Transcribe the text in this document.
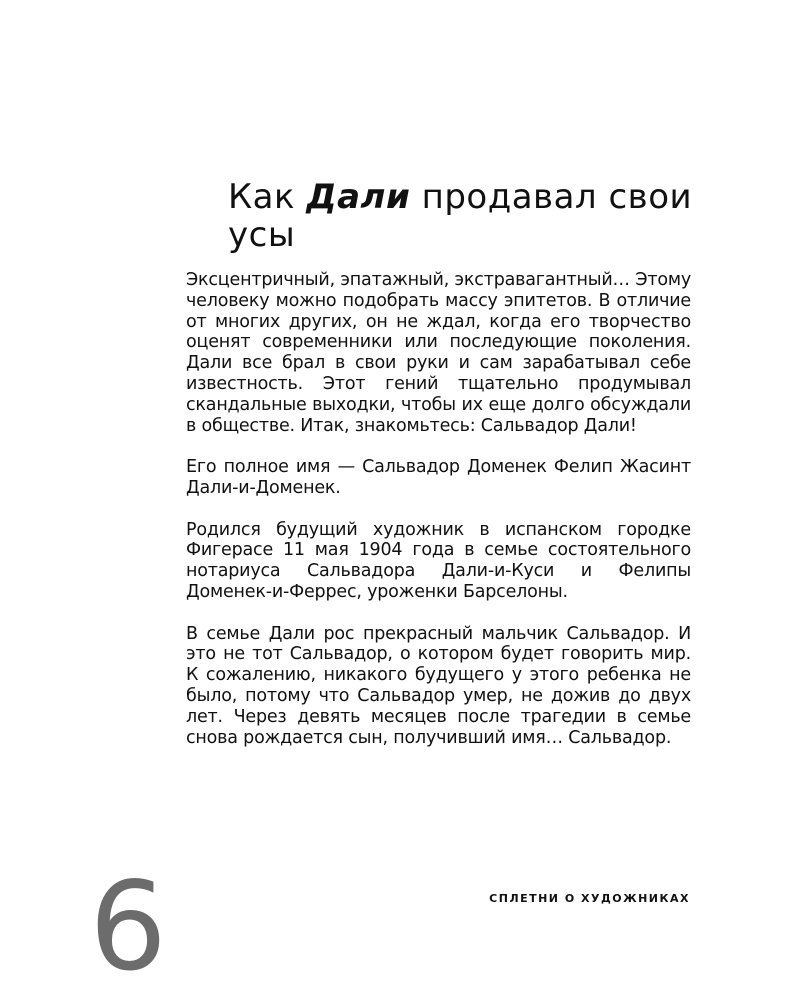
Как Дали продавал свои усы

Эксцентричный, эпатажный, экстравагантный… Этому человеку можно подобрать массу эпитетов. В отличие от многих других, он не ждал, когда его творчество оценят современники или последующие поколения. Дали все брал в свои руки и сам зарабатывал себе известность. Этот гений тщательно продумывал скандальные выходки, чтобы их еще долго обсуждали в обществе. Итак, знакомьтесь: Сальвадор Дали!

Его полное имя — Сальвадор Доменек Фелип Жасинт Дали-и-Доменек.

Родился будущий художник в испанском городке Фигерасе 11 мая 1904 года в семье состоятельного нотариуса Сальвадора Дали-и-Куси и Фелипы Доменек-и-Феррес, уроженки Барселоны.

В семье Дали рос прекрасный мальчик Сальвадор. И это не тот Сальвадор, о котором будет говорить мир. К сожалению, никакого будущего у этого ребенка не было, потому что Сальвадор умер, не дожив до двух лет. Через девять месяцев после трагедии в семье снова рождается сын, получивший имя… Сальвадор.

СПЛЕТНИ О ХУДОЖНИКАХ
6
